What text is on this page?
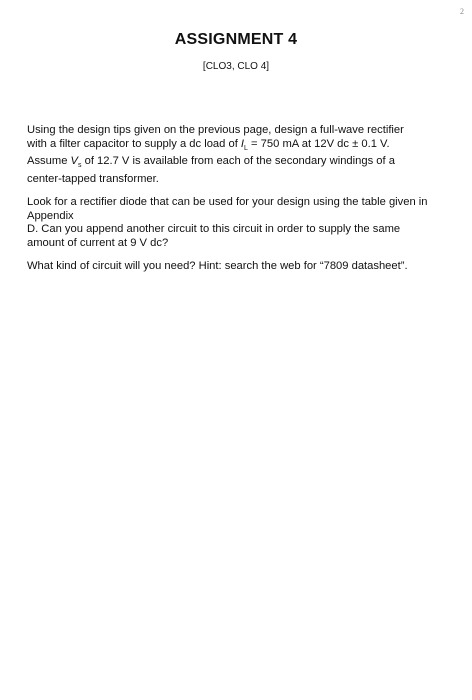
2
ASSIGNMENT 4
[CLO3, CLO 4]

Using the design tips given on the previous page, design a full-wave rectifier
with a filter capacitor to supply a dc load of $I_L = 750$ mA at 12V dc ± 0.1 V.
Assume $V_s$ of 12.7 V is available from each of the secondary windings of a
center-tapped transformer.

Look for a rectifier diode that can be used for your design using the table given in
Appendix
D. Can you append another circuit to this circuit in order to supply the same
amount of current at 9 V dc?

What kind of circuit will you need? Hint: search the web for “7809 datasheet”.
